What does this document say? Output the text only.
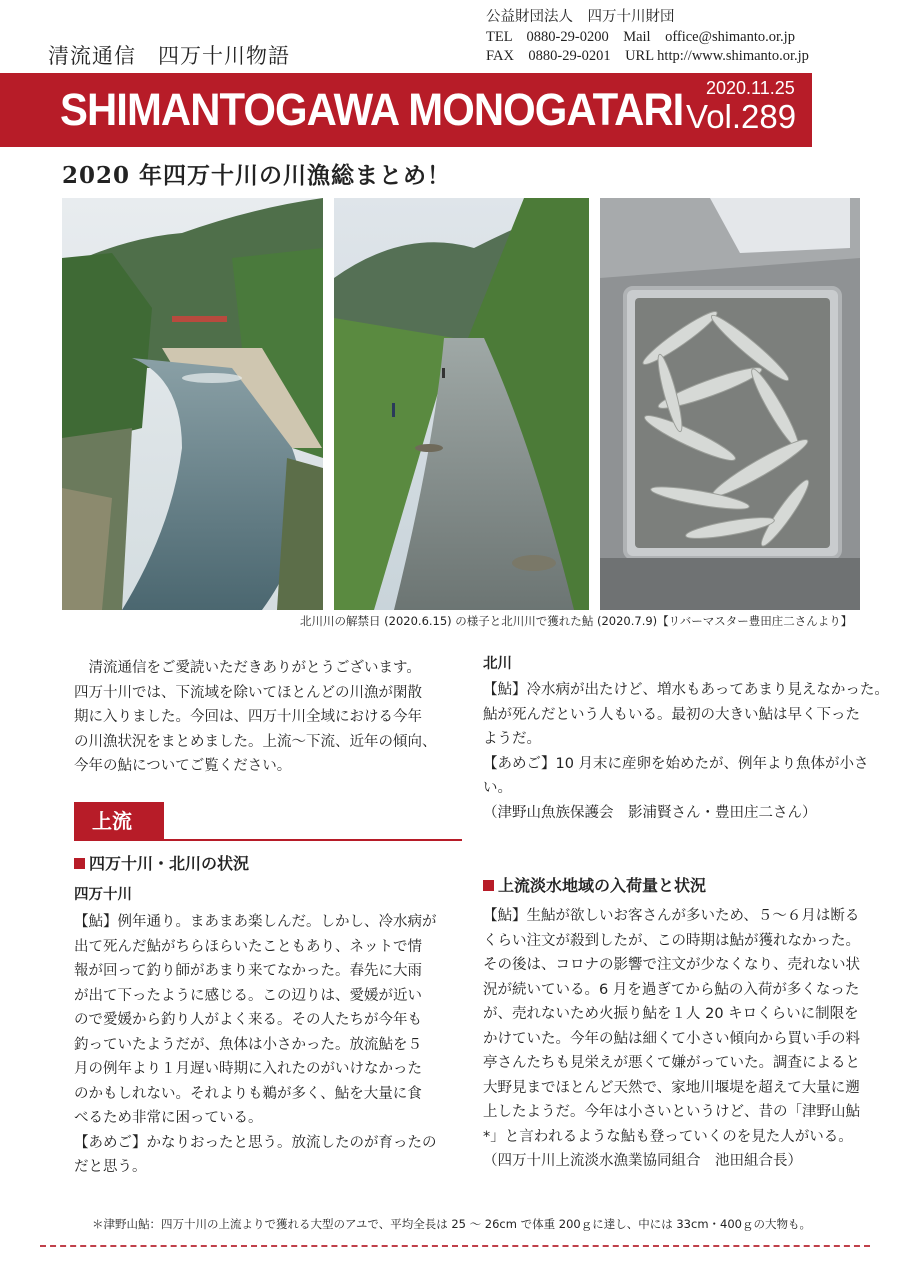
清流通信　四万十川物語
公益財団法人　四万十川財団
TEL　0880-29-0200　Mail　office@shimanto.or.jp
FAX　0880-29-0201　URL http://www.shimanto.or.jp
SHIMANTOGAWA MONOGATARI 2020.11.25
Vol.289
2020 年四万十川の川漁総まとめ！
北川川の解禁日 (2020.6.15) の様子と北川川で獲れた鮎 (2020.7.9)【リバーマスター豊田庄二さんより】

　清流通信をご愛読いただきありがとうございます。

四万十川では、下流域を除いてほとんどの川漁が閑散

期に入りました。今回は、四万十川全域における今年

の川漁状況をまとめました。上流〜下流、近年の傾向、

今年の鮎についてご覧ください。

上流
四万十川・北川の状況
四万十川

【鮎】例年通り。まあまあ楽しんだ。しかし、冷水病が

出て死んだ鮎がちらほらいたこともあり、ネットで情

報が回って釣り師があまり来てなかった。春先に大雨

が出て下ったように感じる。この辺りは、愛媛が近い

ので愛媛から釣り人がよく来る。その人たちが今年も

釣っていたようだが、魚体は小さかった。放流鮎を５

月の例年より１月遅い時期に入れたのがいけなかった

のかもしれない。それよりも鵜が多く、鮎を大量に食

べるため非常に困っている。

【あめご】かなりおったと思う。放流したのが育ったの

だと思う。

北川

【鮎】冷水病が出たけど、増水もあってあまり見えなかった。

鮎が死んだという人もいる。最初の大きい鮎は早く下った

ようだ。

【あめご】10 月末に産卵を始めたが、例年より魚体が小さ

い。

（津野山魚族保護会　影浦賢さん・豊田庄二さん）

上流淡水地域の入荷量と状況

【鮎】生鮎が欲しいお客さんが多いため、５〜６月は断る

くらい注文が殺到したが、この時期は鮎が獲れなかった。

その後は、コロナの影響で注文が少なくなり、売れない状

況が続いている。6 月を過ぎてから鮎の入荷が多くなった

が、売れないため火振り鮎を１人 20 キロくらいに制限を

かけていた。今年の鮎は細くて小さい傾向から買い手の料

亭さんたちも見栄えが悪くて嫌がっていた。調査によると

大野見までほとんど天然で、家地川堰堤を超えて大量に遡

上したようだ。今年は小さいというけど、昔の「津野山鮎

*」と言われるような鮎も登っていくのを見た人がいる。

（四万十川上流淡水漁業協同組合　池田組合長）

＊津野山鮎：四万十川の上流よりで獲れる大型のアユで、平均全長は 25 〜 26cm で体重 200ｇに達し、中には 33cm・400ｇの大物も。
